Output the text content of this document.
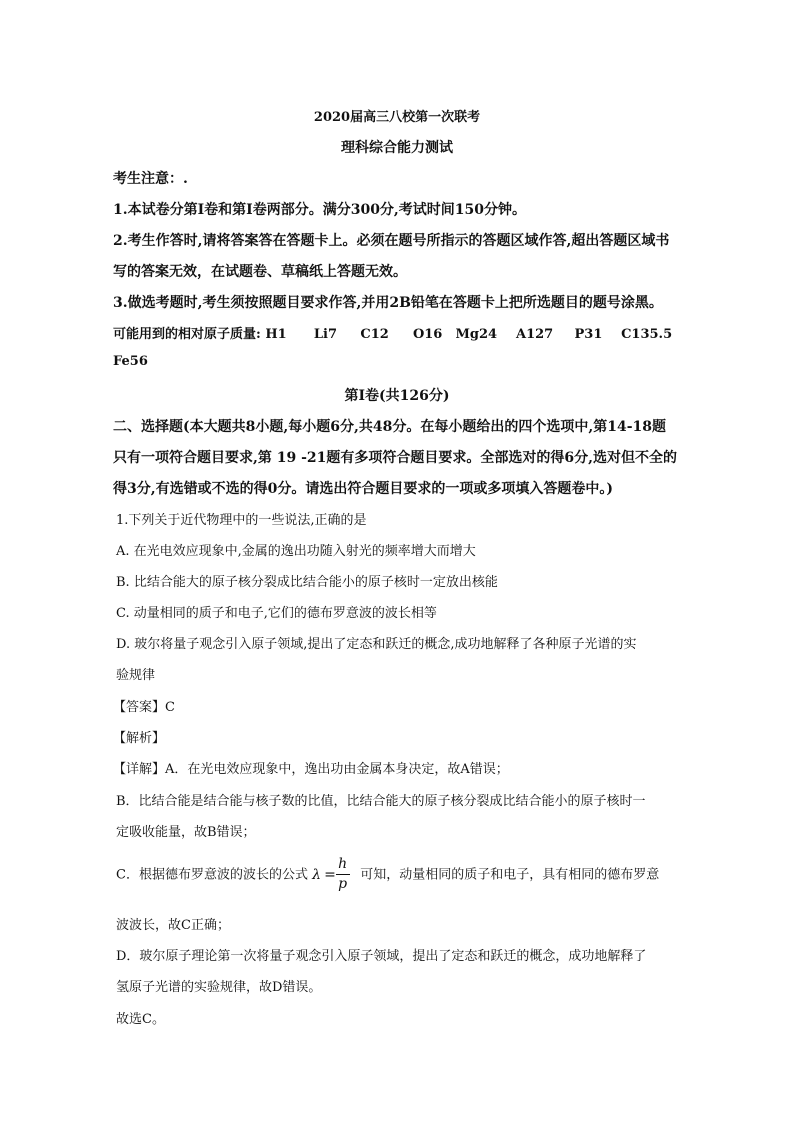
2020届高三八校第一次联考
理科综合能力测试
考生注意：.
1.本试卷分第Ⅰ卷和第Ⅰ卷两部分。满分300分,考试时间150分钟。
2.考生作答时,请将答案答在答题卡上。必须在题号所指示的答题区域作答,超出答题区域书
写的答案无效，在试题卷、草稿纸上答题无效。
3.做选考题时,考生须按照题目要求作答,并用2B铅笔在答题卡上把所选题目的题号涂黑。
可能用到的相对原子质量: H1 Li7 C12 O16 Mg24 A127 P31 C135.5
Fe56
第Ⅰ卷(共126分)
二、选择题(本大题共8小题,每小题6分,共48分。在每小题给出的四个选项中,第14-18题
只有一项符合题目要求,第 19 -21题有多项符合题目要求。全部选对的得6分,选对但不全的
得3分,有选错或不选的得0分。请选出符合题目要求的一项或多项填入答题卷中。)
1.下列关于近代物理中的一些说法,正确的是
A. 在光电效应现象中,金属的逸出功随入射光的频率增大而增大
B. 比结合能大的原子核分裂成比结合能小的原子核时一定放出核能
C. 动量相同的质子和电子,它们的德布罗意波的波长相等
D. 玻尔将量子观念引入原子领域,提出了定态和跃迁的概念,成功地解释了各种原子光谱的实
验规律
【答案】C
【解析】
【详解】A．在光电效应现象中，逸出功由金属本身决定，故A错误；
B．比结合能是结合能与核子数的比值，比结合能大的原子核分裂成比结合能小的原子核时一
定吸收能量，故B错误；
C．根据德布罗意波的波长的公式 λ =
h
p
可知，动量相同的质子和电子，具有相同的德布罗意
波波长，故C正确；
D．玻尔原子理论第一次将量子观念引入原子领域，提出了定态和跃迁的概念，成功地解释了
氢原子光谱的实验规律，故D错误。
故选C。
